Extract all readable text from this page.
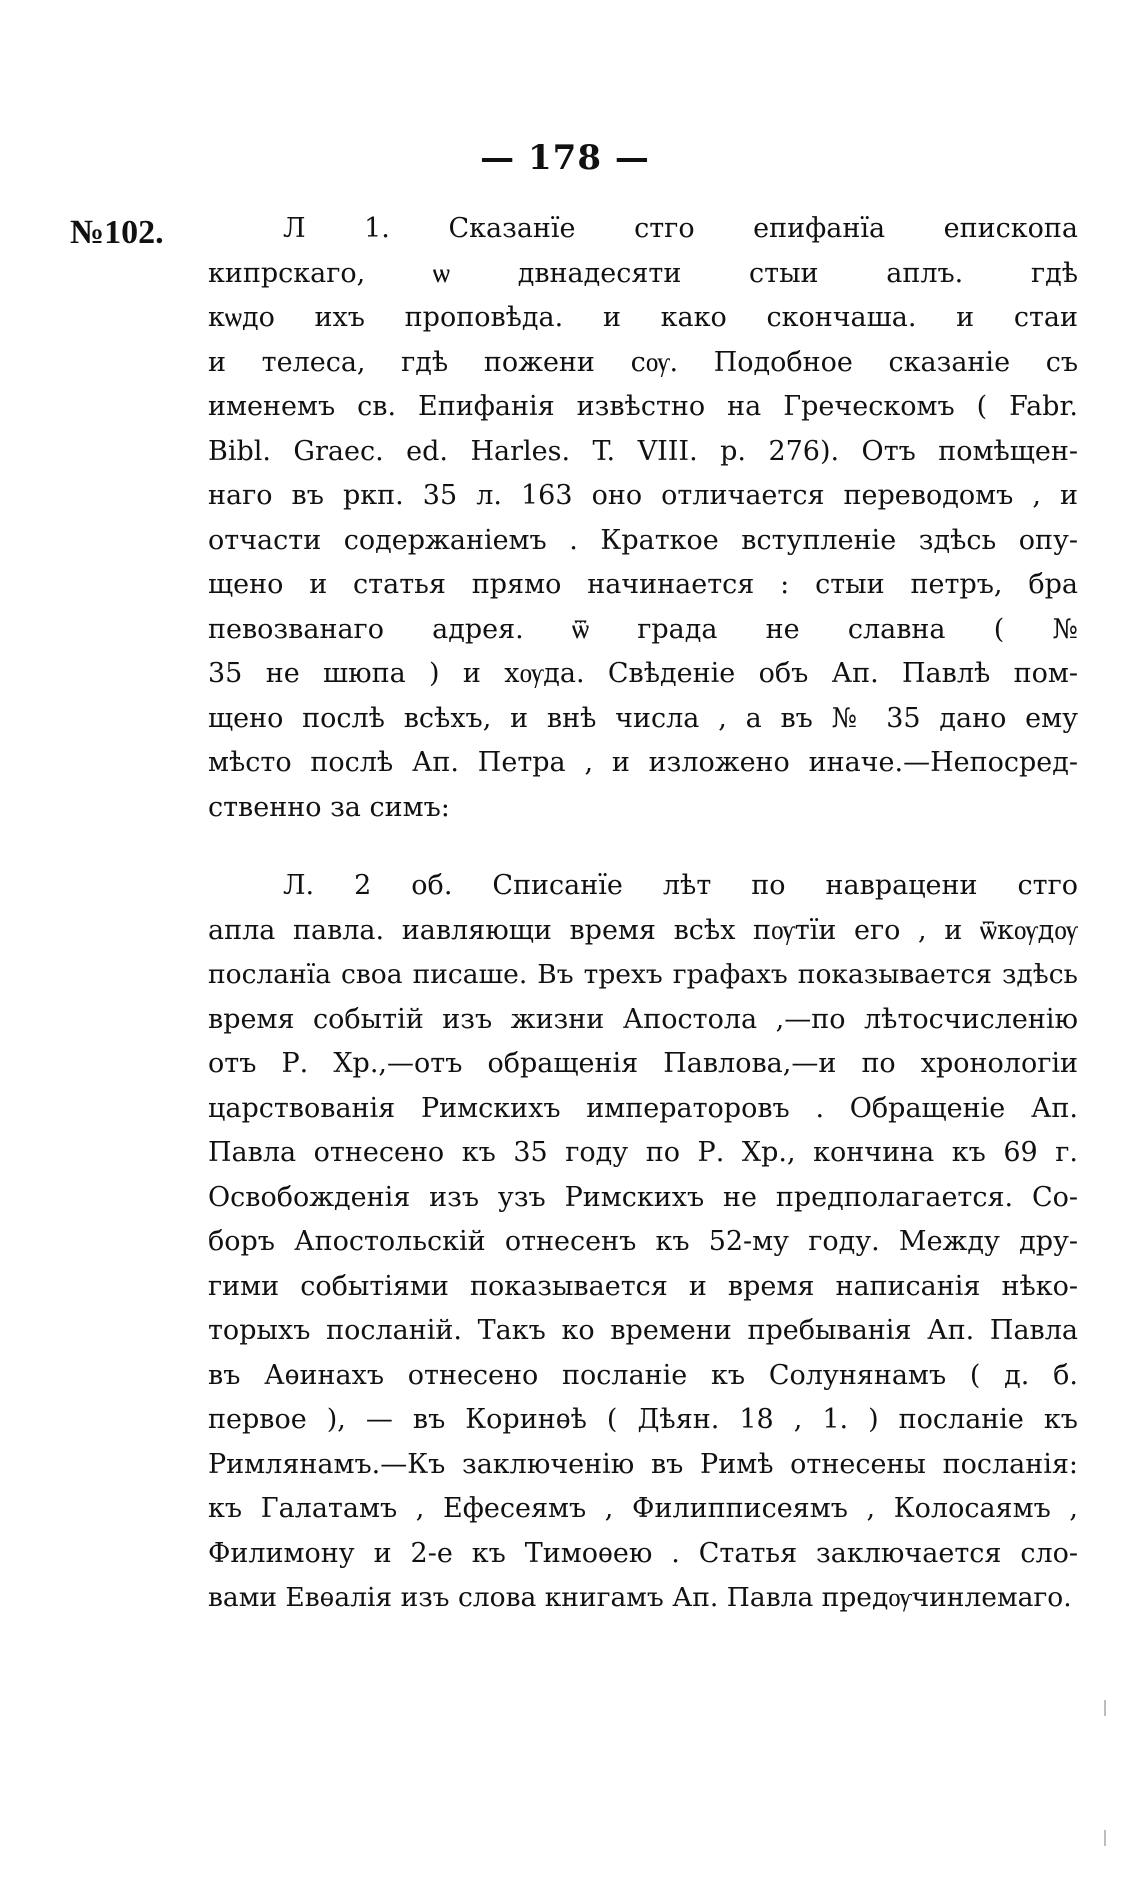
— 178 —
№102.	Л 1. Сказанїе стго епифанїа епископа
кипрскаго, ѡ двнадесяти стыи аплъ. гдѣ
кѡдо ихъ проповѣда. и како скончаша. и стаи
и телеса, гдѣ пожени сѹ. Подобное сказаніе съ
именемъ св. Епифанія извѣстно на Греческомъ ( Fabr.
Bibl. Graec. ed. Harles. T. VIII. p. 276). Отъ помѣщен-
наго въ ркп. 35 л. 163 оно отличается переводомъ , и
отчасти содержаніемъ . Краткое вступленіе здѣсь опу-
щено и статья прямо начинается : стыи петръ, бра
певозванаго адрея. ѿ града не славна ( №
35 не шюпа ) и хѹда. Свѣденіе объ Ап. Павлѣ пом-
щено послѣ всѣхъ, и внѣ числа , а въ № 35 дано ему
мѣсто послѣ Ап. Петра , и изложено иначе.—Непосред-
ственно за симъ:
Л. 2 об. Списанїе лѣт по наврацени стго
апла павла. иавляющи время всѣх пѹтїи его , и ѿкѹдѹ
посланїа своа писаше. Въ трехъ графахъ показывается здѣсь
время событій изъ жизни Апостола ,—по лѣтосчисленію
отъ Р. Хр.,—отъ обращенія Павлова,—и по хронологіи
царствованія Римскихъ императоровъ . Обращеніе Ап.
Павла отнесено къ 35 году по Р. Хр., кончина къ 69 г.
Освобожденія изъ узъ Римскихъ не предполагается. Со-
боръ Апостольскій отнесенъ къ 52-му году. Между дру-
гими событіями показывается и время написанія нѣко-
торыхъ посланій. Такъ ко времени пребыванія Ап. Павла
въ Аѳинахъ отнесено посланіе къ Солунянамъ ( д. б.
первое ), — въ Коринѳѣ ( Дѣян. 18 , 1. ) посланіе къ
Римлянамъ.—Къ заключенію въ Римѣ отнесены посланія:
къ Галатамъ , Ефесеямъ , Филипписеямъ , Колосаямъ ,
Филимону и 2-е къ Тимоѳею . Статья заключается сло-
вами Евѳалія изъ слова книгамъ Ап. Павла предѹчинлемаго.
